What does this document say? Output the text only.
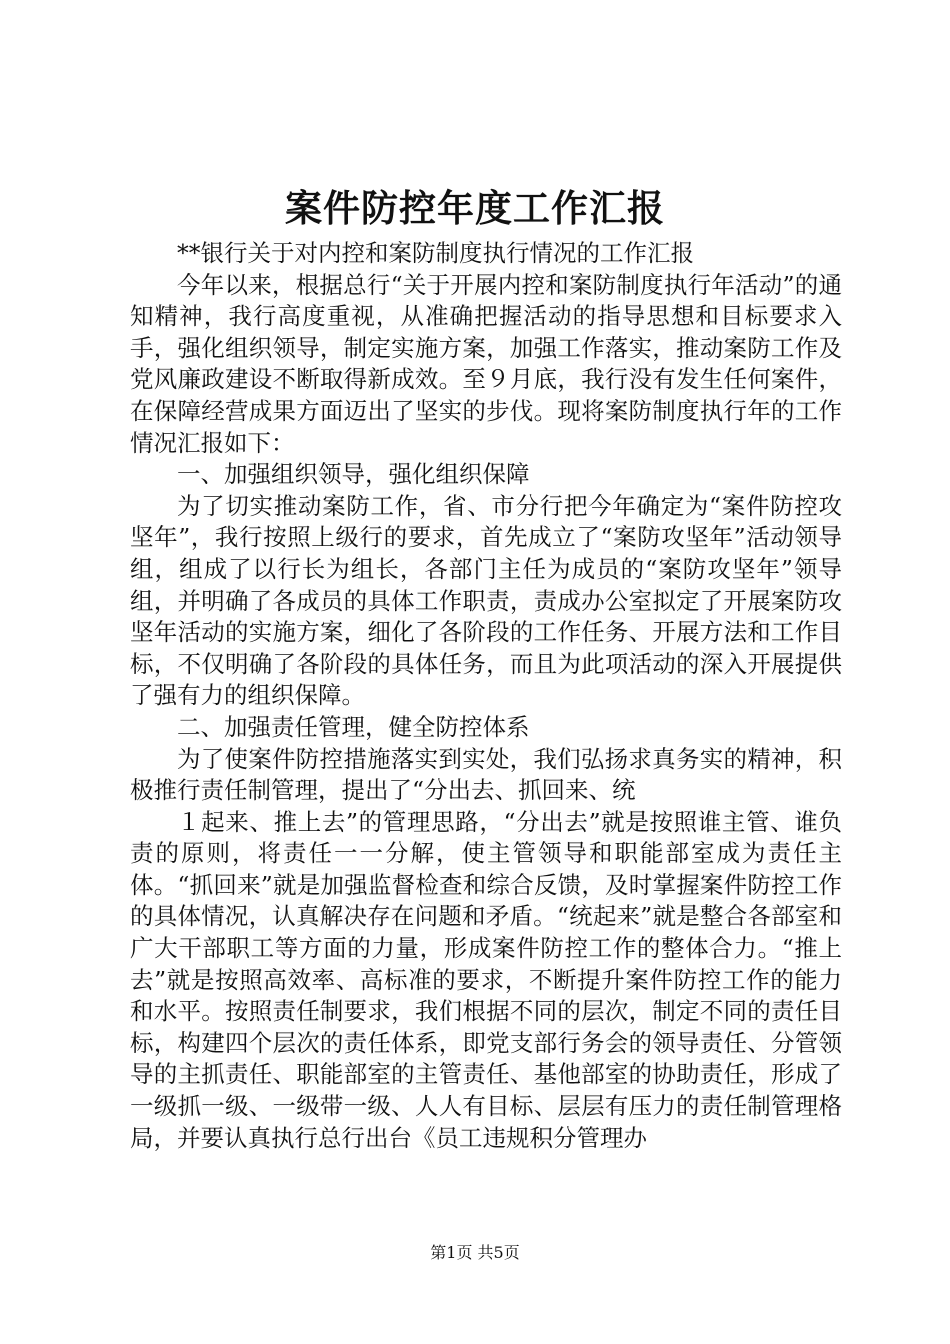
案件防控年度工作汇报

**银行关于对内控和案防制度执行情况的工作汇报

今年以来，根据总行“关于开展内控和案防制度执行年活动”的通知精神，我行高度重视，从准确把握活动的指导思想和目标要求入手，强化组织领导，制定实施方案，加强工作落实，推动案防工作及党风廉政建设不断取得新成效。至９月底，我行没有发生任何案件，在保障经营成果方面迈出了坚实的步伐。现将案防制度执行年的工作情况汇报如下：

一、加强组织领导，强化组织保障

为了切实推动案防工作，省、市分行把今年确定为“案件防控攻坚年”，我行按照上级行的要求，首先成立了“案防攻坚年”活动领导组，组成了以行长为组长，各部门主任为成员的“案防攻坚年”领导组，并明确了各成员的具体工作职责，责成办公室拟定了开展案防攻坚年活动的实施方案，细化了各阶段的工作任务、开展方法和工作目标，不仅明确了各阶段的具体任务，而且为此项活动的深入开展提供了强有力的组织保障。

二、加强责任管理，健全防控体系

为了使案件防控措施落实到实处，我们弘扬求真务实的精神，积极推行责任制管理，提出了“分出去、抓回来、统

１起来、推上去”的管理思路，“分出去”就是按照谁主管、谁负责的原则，将责任一一分解，使主管领导和职能部室成为责任主体。“抓回来”就是加强监督检查和综合反馈，及时掌握案件防控工作的具体情况，认真解决存在问题和矛盾。“统起来”就是整合各部室和广大干部职工等方面的力量，形成案件防控工作的整体合力。“推上去”就是按照高效率、高标准的要求，不断提升案件防控工作的能力和水平。按照责任制要求，我们根据不同的层次，制定不同的责任目标，构建四个层次的责任体系，即党支部行务会的领导责任、分管领导的主抓责任、职能部室的主管责任、基他部室的协助责任，形成了一级抓一级、一级带一级、人人有目标、层层有压力的责任制管理格局，并要认真执行总行出台《员工违规积分管理办

第1页 共5页
